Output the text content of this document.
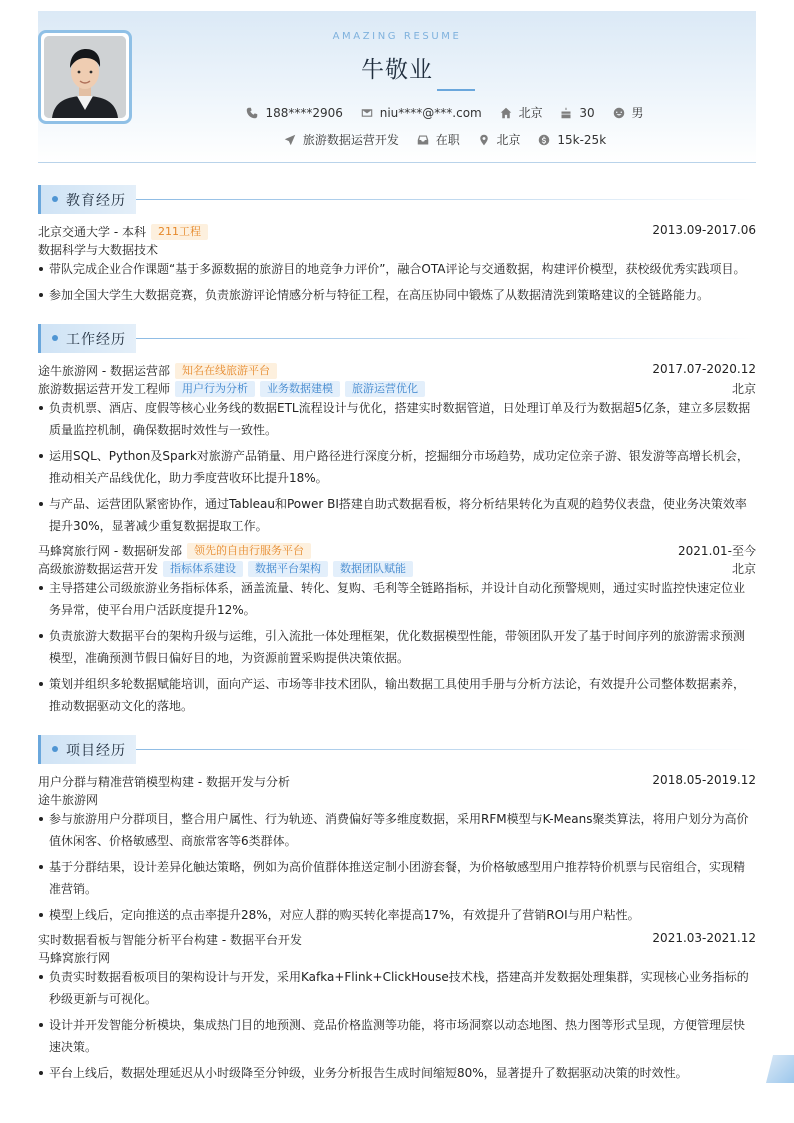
AMAZING RESUME
牛敬业
188****2906
	niu****@***.com
	北京
	30
	男
旅游数据运营开发
	在职
	北京
	15k-25k
教育经历
北京交通大学 - 本科 211工程	2013.09-2017.06
数据科学与大数据技术
带队完成企业合作课题“基于多源数据的旅游目的地竞争力评价”，融合OTA评论与交通数据，构建评价模型，获校级优秀实践项目。
参加全国大学生大数据竞赛，负责旅游评论情感分析与特征工程，在高压协同中锻炼了从数据清洗到策略建议的全链路能力。
工作经历
途牛旅游网 - 数据运营部 知名在线旅游平台	2017.07-2020.12
旅游数据运营开发工程师 用户行为分析 业务数据建模 旅游运营优化	北京
负责机票、酒店、度假等核心业务线的数据ETL流程设计与优化，搭建实时数据管道，日处理订单及行为数据超5亿条，建立多层数据质量监控机制，确保数据时效性与一致性。
运用SQL、Python及Spark对旅游产品销量、用户路径进行深度分析，挖掘细分市场趋势，成功定位亲子游、银发游等高增长机会，推动相关产品线优化，助力季度营收环比提升18%。
与产品、运营团队紧密协作，通过Tableau和Power BI搭建自助式数据看板，将分析结果转化为直观的趋势仪表盘，使业务决策效率提升30%，显著减少重复数据提取工作。
马蜂窝旅行网 - 数据研发部 领先的自由行服务平台	2021.01-至今
高级旅游数据运营开发 指标体系建设 数据平台架构 数据团队赋能	北京
主导搭建公司级旅游业务指标体系，涵盖流量、转化、复购、毛利等全链路指标，并设计自动化预警规则，通过实时监控快速定位业务异常，使平台用户活跃度提升12%。
负责旅游大数据平台的架构升级与运维，引入流批一体处理框架，优化数据模型性能，带领团队开发了基于时间序列的旅游需求预测模型，准确预测节假日偏好目的地，为资源前置采购提供决策依据。
策划并组织多轮数据赋能培训，面向产运、市场等非技术团队，输出数据工具使用手册与分析方法论，有效提升公司整体数据素养，推动数据驱动文化的落地。
项目经历
用户分群与精准营销模型构建 - 数据开发与分析	2018.05-2019.12
途牛旅游网
参与旅游用户分群项目，整合用户属性、行为轨迹、消费偏好等多维度数据，采用RFM模型与K-Means聚类算法，将用户划分为高价值休闲客、价格敏感型、商旅常客等6类群体。
基于分群结果，设计差异化触达策略，例如为高价值群体推送定制小团游套餐，为价格敏感型用户推荐特价机票与民宿组合，实现精准营销。
模型上线后，定向推送的点击率提升28%，对应人群的购买转化率提高17%，有效提升了营销ROI与用户粘性。
实时数据看板与智能分析平台构建 - 数据平台开发	2021.03-2021.12
马蜂窝旅行网
负责实时数据看板项目的架构设计与开发，采用Kafka+Flink+ClickHouse技术栈，搭建高并发数据处理集群，实现核心业务指标的秒级更新与可视化。
设计并开发智能分析模块，集成热门目的地预测、竞品价格监测等功能，将市场洞察以动态地图、热力图等形式呈现，方便管理层快速决策。
平台上线后，数据处理延迟从小时级降至分钟级，业务分析报告生成时间缩短80%，显著提升了数据驱动决策的时效性。
